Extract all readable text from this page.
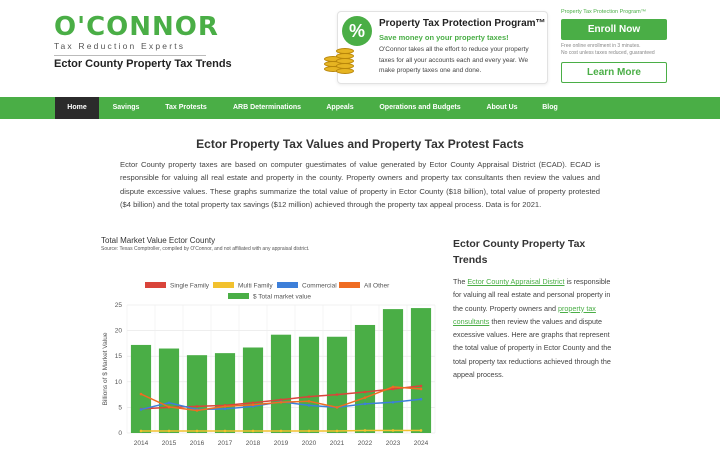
O'CONNOR
Tax Reduction Experts
Ector County Property Tax Trends
%	Property Tax Protection Program™
Save money on your property taxes!
O'Connor takes all the effort to reduce your property taxes for all your accounts each and every year. We make property taxes one and done.
Property Tax Protection Program™
Enroll Now
Free online enrollment in 3 minutes.
No cost unless taxes reduced, guaranteed
Learn More
Home	Savings	Tax Protests	ARB Determinations	Appeals	Operations and Budgets	About Us	Blog
Ector Property Tax Values and Property Tax Protest Facts
Ector County property taxes are based on computer guestimates of value generated by Ector County Appraisal District (ECAD). ECAD is responsible for valuing all real estate and property in the county. Property owners and property tax consultants then review the values and dispute excessive values. These graphs summarize the total value of property in Ector County ($18 billion), total value of property protested ($4 billion) and the total property tax savings ($12 million) achieved through the property tax appeal process. Data is for 2021.
Total Market Value Ector County
Source: Texas Comptroller, compiled by O'Connor, and not affiliated with any appraisal district.
Single Family	Multi Family	Commercial	All Other
$ Total market value
0
5
10
15
20
25
Billions of $ Market Value
2014 2015 2016 2017 2018 2019 2020 2021 2022 2023 2024
Ector County Property Tax Trends
The Ector County Appraisal District is responsible for valuing all real estate and personal property in the county. Property owners and property tax consultants then review the values and dispute excessive values. Here are graphs that represent the total value of property in Ector County and the total property tax reductions achieved through the appeal process.
